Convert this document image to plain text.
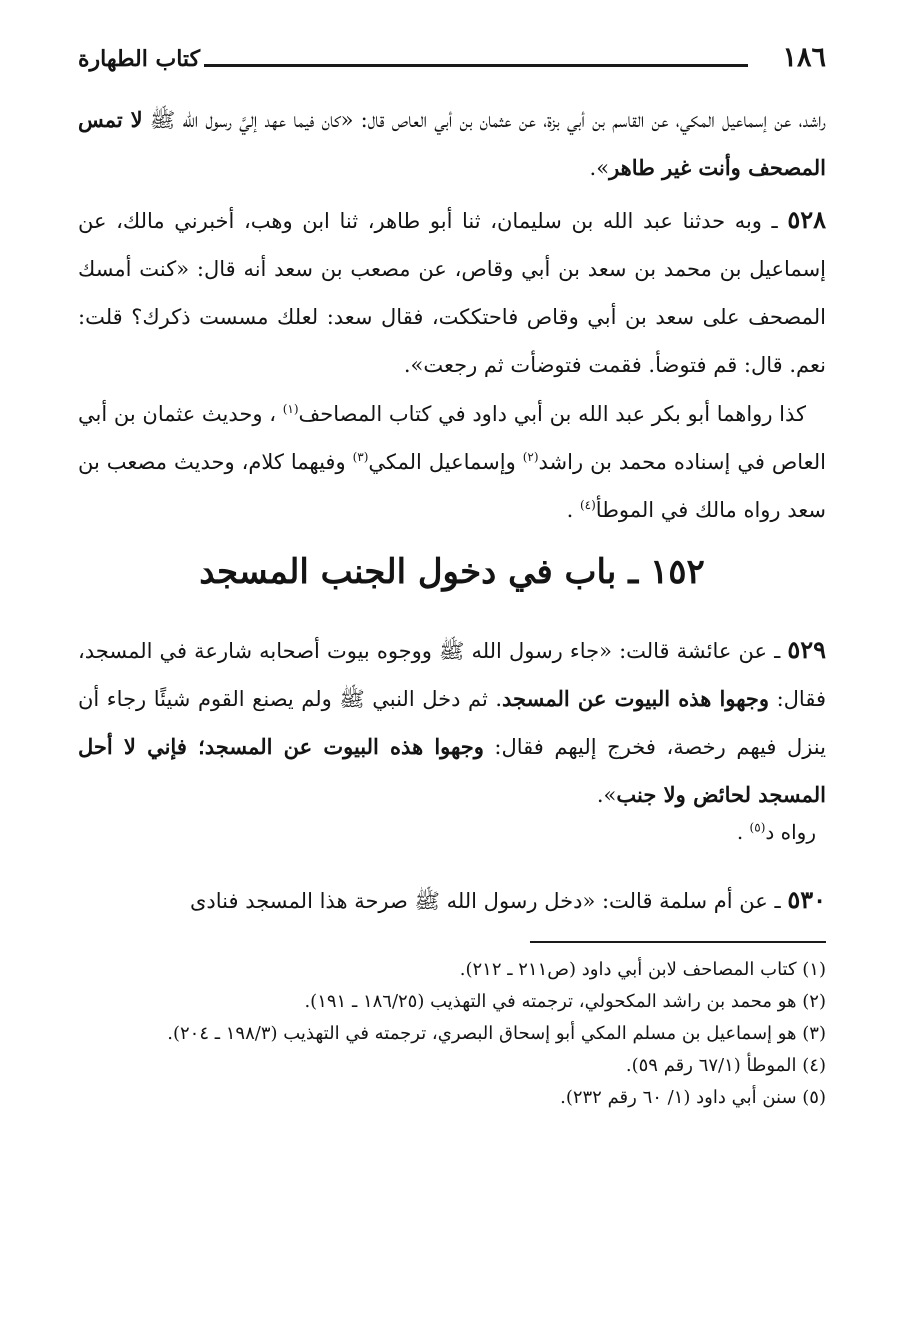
١٨٦
كتاب الطهارة
راشد، عن إسماعيل المكي، عن القاسم بن أبي بزة، عن عثمان بن أبي العاص قال: «كان فيما عهد إليَّ رسول الله ﷺ لا تمس المصحف وأنت غير طاهر».
٥٢٨ ـ وبه حدثنا عبد الله بن سليمان، ثنا أبو طاهر، ثنا ابن وهب، أخبرني مالك، عن إسماعيل بن محمد بن سعد بن أبي وقاص، عن مصعب بن سعد أنه قال: «كنت أمسك المصحف على سعد بن أبي وقاص فاحتككت، فقال سعد: لعلك مسست ذكرك؟ قلت: نعم. قال: قم فتوضأ. فقمت فتوضأت ثم رجعت».
كذا رواهما أبو بكر عبد الله بن أبي داود في كتاب المصاحف$^{(١)}$ ، وحديث عثمان بن أبي العاص في إسناده محمد بن راشد$^{(٢)}$ وإسماعيل المكي$^{(٣)}$ وفيهما كلام، وحديث مصعب بن سعد رواه مالك في الموطأ$^{(٤)}$ .
١٥٢ ـ باب في دخول الجنب المسجد
٥٢٩ ـ عن عائشة قالت: «جاء رسول الله ﷺ ووجوه بيوت أصحابه شارعة في المسجد، فقال: وجهوا هذه البيوت عن المسجد. ثم دخل النبي ﷺ ولم يصنع القوم شيئًا رجاء أن ينزل فيهم رخصة، فخرج إليهم فقال: وجهوا هذه البيوت عن المسجد؛ فإني لا أحل المسجد لحائض ولا جنب».
رواه د$^{(٥)}$ .
٥٣٠ ـ عن أم سلمة قالت: «دخل رسول الله ﷺ صرحة هذا المسجد فنادى
(١) كتاب المصاحف لابن أبي داود (ص٢١١ ـ ٢١٢).
(٢) هو محمد بن راشد المكحولي، ترجمته في التهذيب (١٨٦/٢٥ ـ ١٩١).
(٣) هو إسماعيل بن مسلم المكي أبو إسحاق البصري، ترجمته في التهذيب (١٩٨/٣ ـ ٢٠٤).
(٤) الموطأ (٦٧/١ رقم ٥٩).
(٥) سنن أبي داود (١/ ٦٠ رقم ٢٣٢).
